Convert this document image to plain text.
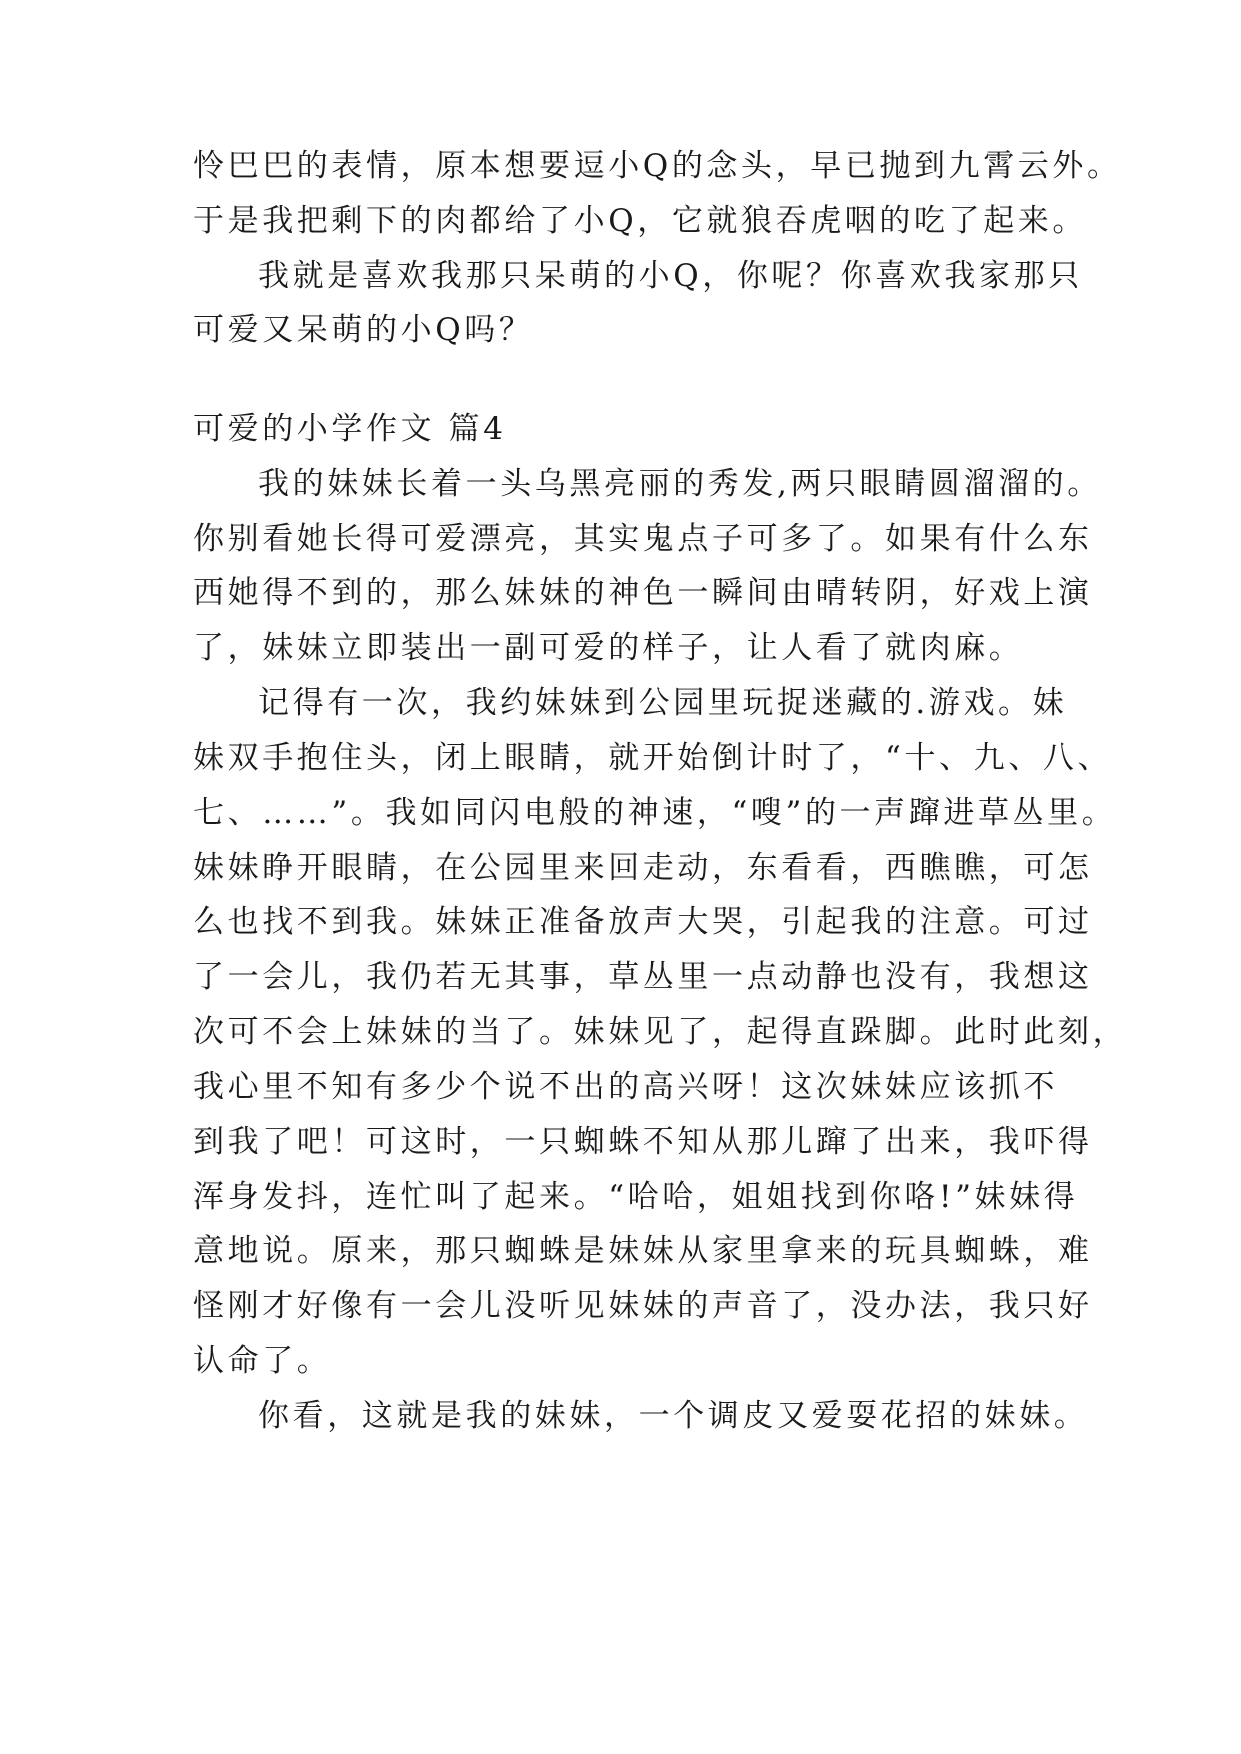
怜巴巴的表情，原本想要逗小Q的念头，早已抛到九霄云外。
于是我把剩下的肉都给了小Q，它就狼吞虎咽的吃了起来。
我就是喜欢我那只呆萌的小Q，你呢？你喜欢我家那只
可爱又呆萌的小Q吗？
可爱的小学作文 篇4
我的妹妹长着一头乌黑亮丽的秀发,两只眼睛圆溜溜的。
你别看她长得可爱漂亮，其实鬼点子可多了。如果有什么东
西她得不到的，那么妹妹的神色一瞬间由晴转阴，好戏上演
了，妹妹立即装出一副可爱的样子，让人看了就肉麻。
记得有一次，我约妹妹到公园里玩捉迷藏的.游戏。妹
妹双手抱住头，闭上眼睛，就开始倒计时了，“十、九、八、
七、……”。我如同闪电般的神速，“嗖”的一声蹿进草丛里。
妹妹睁开眼睛，在公园里来回走动，东看看，西瞧瞧，可怎
么也找不到我。妹妹正准备放声大哭，引起我的注意。可过
了一会儿，我仍若无其事，草丛里一点动静也没有，我想这
次可不会上妹妹的当了。妹妹见了，起得直跺脚。此时此刻，
我心里不知有多少个说不出的高兴呀！这次妹妹应该抓不
到我了吧！可这时，一只蜘蛛不知从那儿蹿了出来，我吓得
浑身发抖，连忙叫了起来。“哈哈，姐姐找到你咯!”妹妹得
意地说。原来，那只蜘蛛是妹妹从家里拿来的玩具蜘蛛，难
怪刚才好像有一会儿没听见妹妹的声音了，没办法，我只好
认命了。
你看，这就是我的妹妹，一个调皮又爱耍花招的妹妹。
